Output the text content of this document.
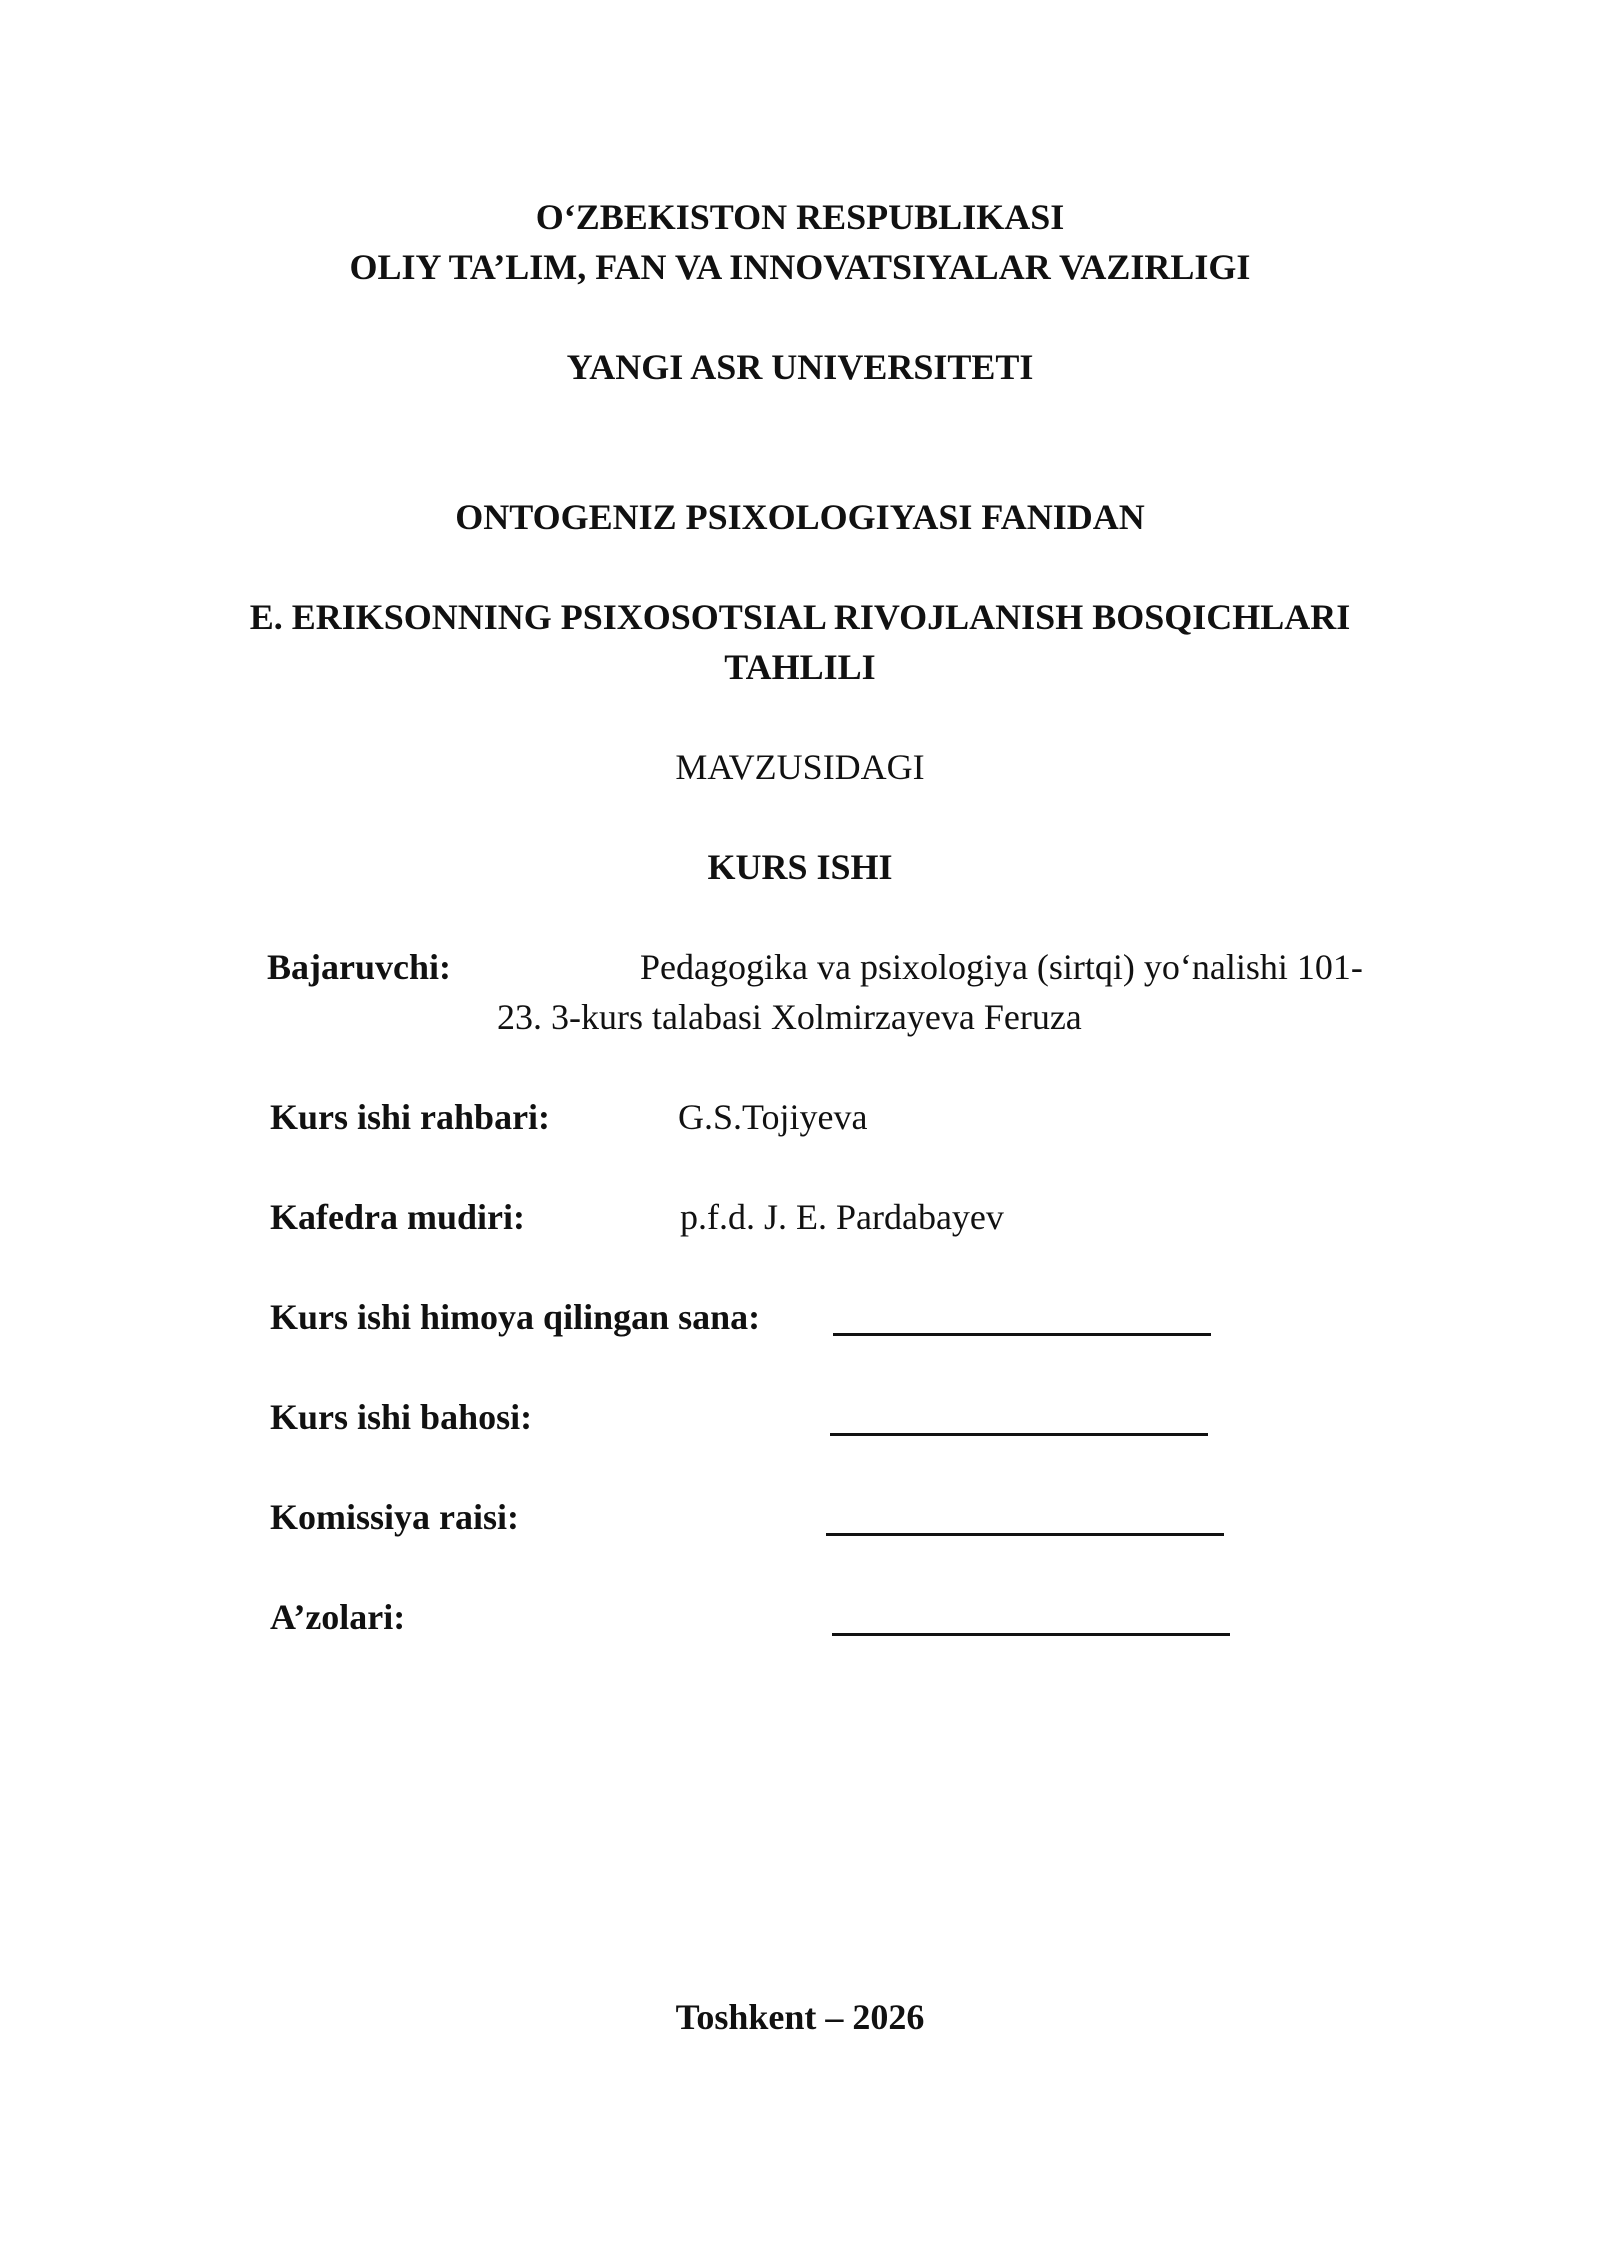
O‘ZBEKISTON RESPUBLIKASI
OLIY TA’LIM, FAN VA INNOVATSIYALAR VAZIRLIGI
YANGI ASR UNIVERSITETI
ONTOGENIZ PSIXOLOGIYASI FANIDAN
E. ERIKSONNING PSIXOSOTSIAL RIVOJLANISH BOSQICHLARI
TAHLILI
MAVZUSIDAGI
KURS ISHI
Bajaruvchi:	Pedagogika va psixologiya (sirtqi) yo‘nalishi 101-
23. 3-kurs talabasi Xolmirzayeva Feruza
Kurs ishi rahbari:	G.S.Tojiyeva
Kafedra mudiri:	p.f.d. J. E. Pardabayev
Kurs ishi himoya qilingan sana:
Kurs ishi bahosi:
Komissiya raisi:
A’zolari:
Toshkent – 2026
